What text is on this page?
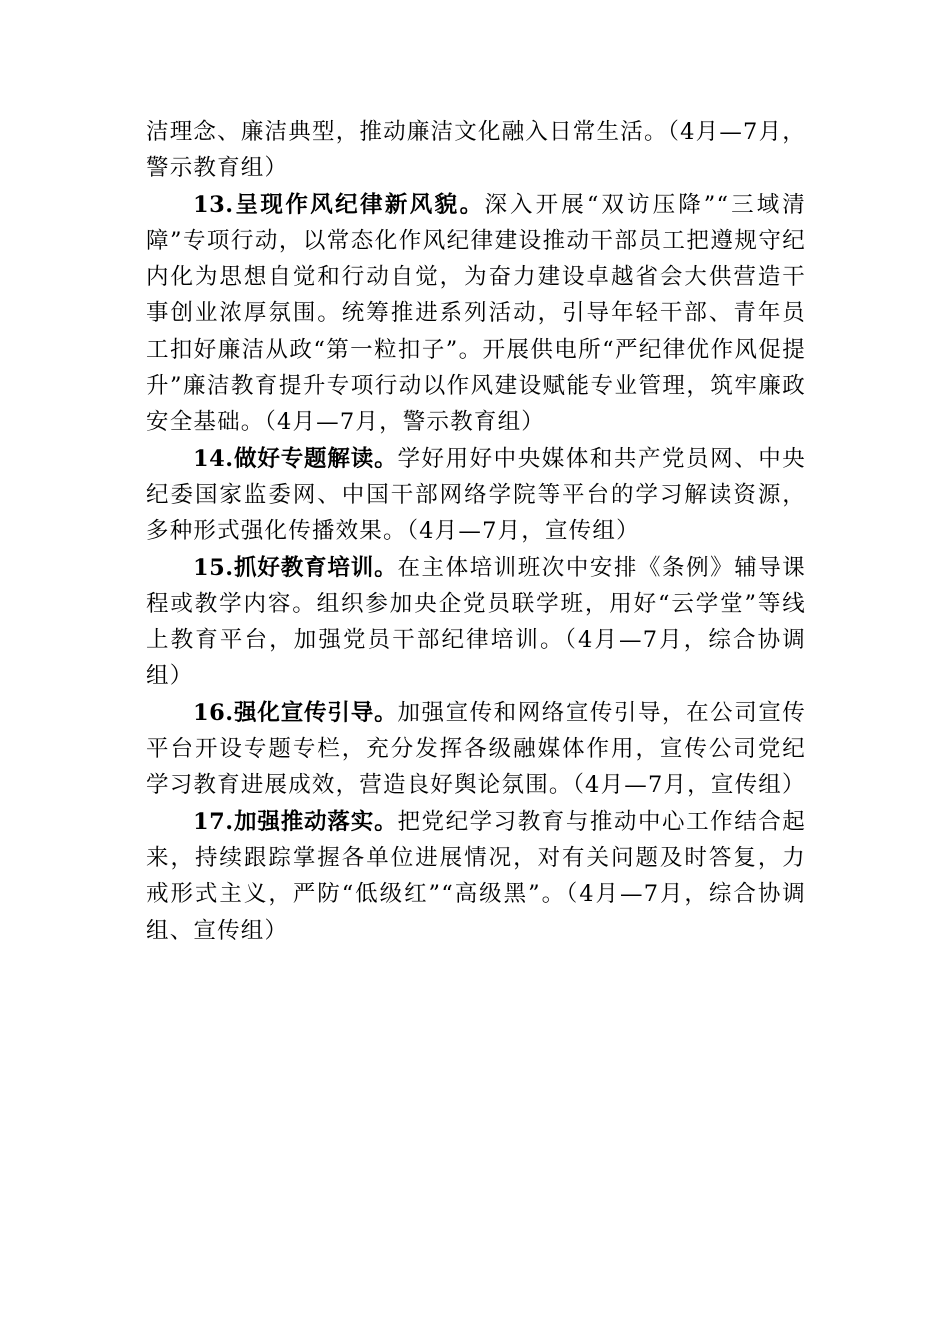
洁理念、廉洁典型，推动廉洁文化融入日常生活。（4月—7月，警示教育组）

13.呈现作风纪律新风貌。深入开展“双访压降”“三域清障”专项行动，以常态化作风纪律建设推动干部员工把遵规守纪内化为思想自觉和行动自觉，为奋力建设卓越省会大供营造干事创业浓厚氛围。统筹推进系列活动，引导年轻干部、青年员工扣好廉洁从政“第一粒扣子”。开展供电所“严纪律优作风促提升”廉洁教育提升专项行动以作风建设赋能专业管理，筑牢廉政安全基础。（4月—7月，警示教育组）

14.做好专题解读。学好用好中央媒体和共产党员网、中央纪委国家监委网、中国干部网络学院等平台的学习解读资源，多种形式强化传播效果。（4月—7月，宣传组）

15.抓好教育培训。在主体培训班次中安排《条例》辅导课程或教学内容。组织参加央企党员联学班，用好“云学堂”等线上教育平台，加强党员干部纪律培训。（4月—7月，综合协调组）

16.强化宣传引导。加强宣传和网络宣传引导，在公司宣传平台开设专题专栏，充分发挥各级融媒体作用，宣传公司党纪学习教育进展成效，营造良好舆论氛围。（4月—7月，宣传组）

17.加强推动落实。把党纪学习教育与推动中心工作结合起来，持续跟踪掌握各单位进展情况，对有关问题及时答复，力戒形式主义，严防“低级红”“高级黑”。（4月—7月，综合协调组、宣传组）
